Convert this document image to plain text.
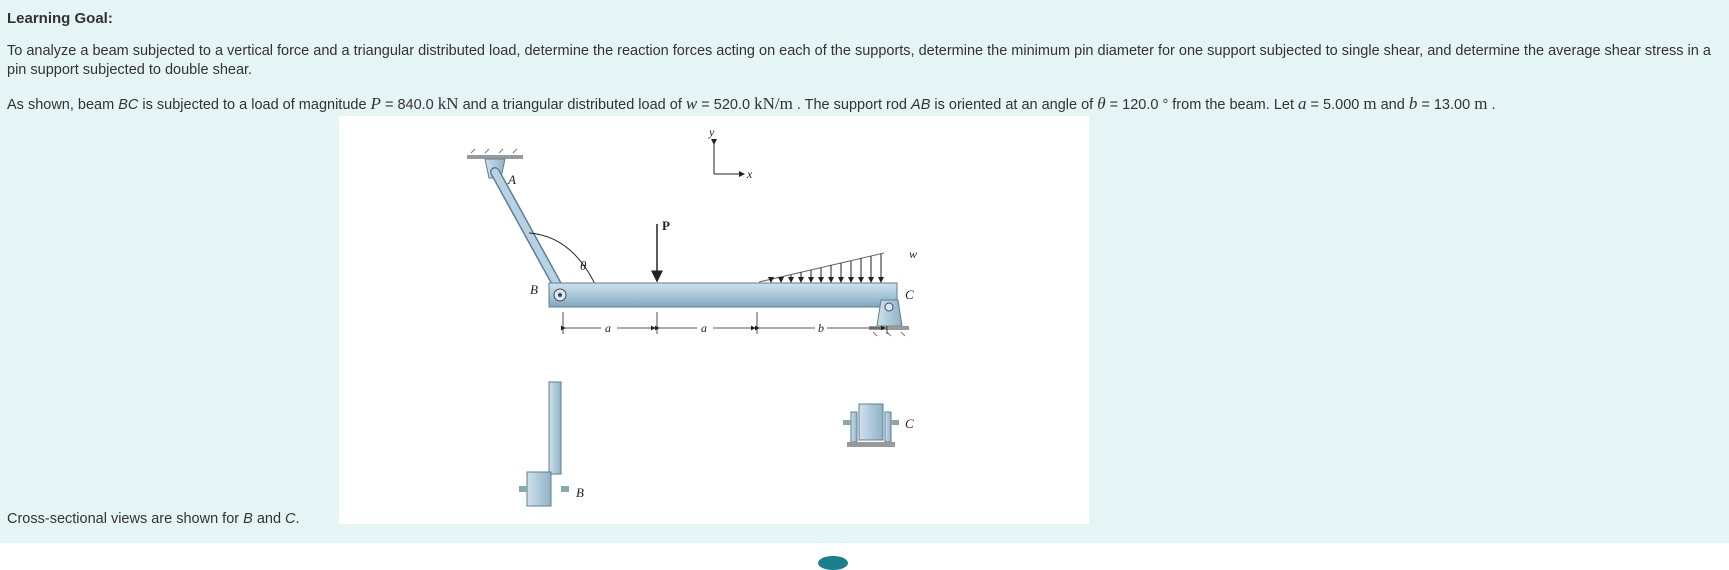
Learning Goal:
To analyze a beam subjected to a vertical force and a triangular distributed load, determine the reaction forces acting on each of the supports, determine the minimum pin diameter for one support subjected to single shear, and determine the average shear stress in a pin support subjected to double shear.
As shown, beam BC is subjected to a load of magnitude P = 840.0 kN and a triangular distributed load of w = 520.0 kN/m . The support rod AB is oriented at an angle of θ = 120.0 ° from the beam. Let a = 5.000 m and b = 13.00 m .
y
x
A
θ
B
P
w
C
a	a	b
B
C
Cross-sectional views are shown for B and C.
